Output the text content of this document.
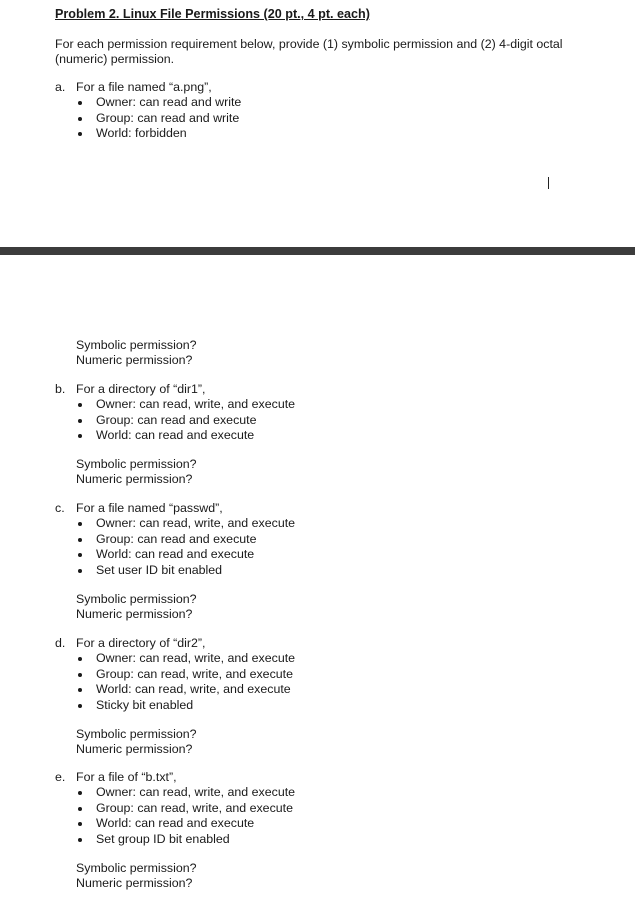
Problem 2. Linux File Permissions (20 pt., 4 pt. each)

For each permission requirement below, provide (1) symbolic permission and (2) 4-digit octal (numeric) permission.

a. For a file named “a.png”,
Owner: can read and write
Group: can read and write
World: forbidden
Symbolic permission?
Numeric permission?
b. For a directory of “dir1”,
Owner: can read, write, and execute
Group: can read and execute
World: can read and execute
Symbolic permission?
Numeric permission?
c. For a file named “passwd”,
Owner: can read, write, and execute
Group: can read and execute
World: can read and execute
Set user ID bit enabled
Symbolic permission?
Numeric permission?
d. For a directory of “dir2”,
Owner: can read, write, and execute
Group: can read, write, and execute
World: can read, write, and execute
Sticky bit enabled
Symbolic permission?
Numeric permission?
e. For a file of “b.txt”,
Owner: can read, write, and execute
Group: can read, write, and execute
World: can read and execute
Set group ID bit enabled
Symbolic permission?
Numeric permission?
